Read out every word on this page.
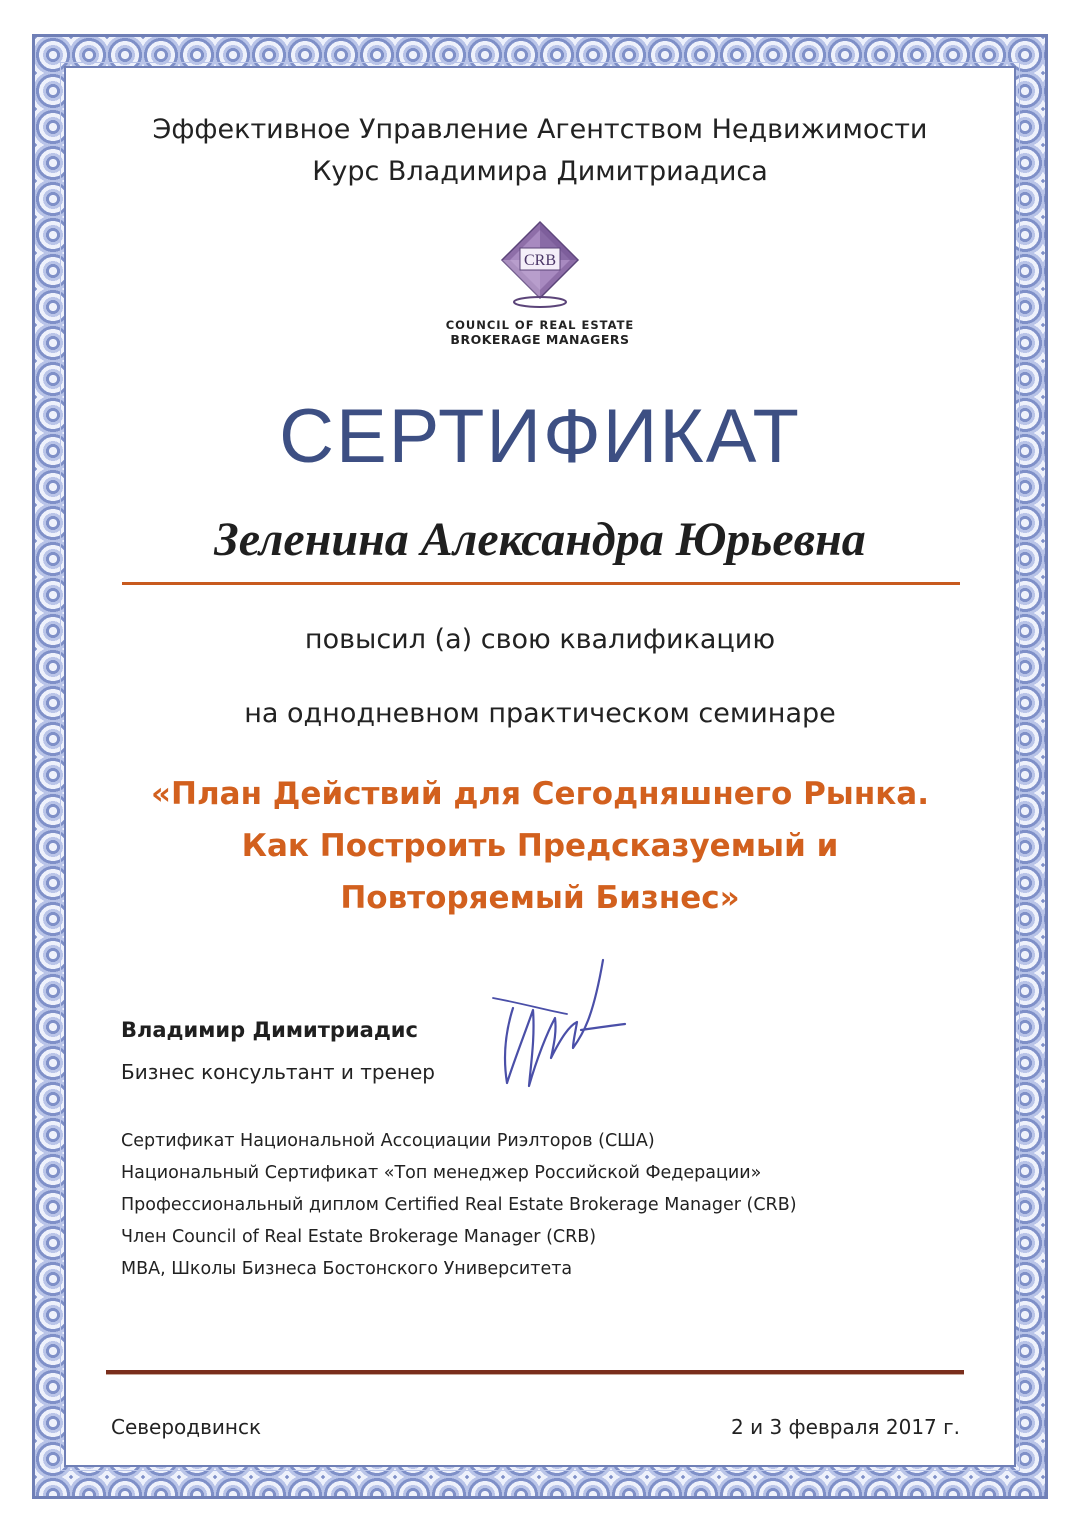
Эффективное Управление Агентством Недвижимости
Курс Владимира Димитриадиса
CRB
COUNCIL OF REAL ESTATE
BROKERAGE MANAGERS
СЕРТИФИКАТ
Зеленина Александра Юрьевна
повысил (а) свою квалификацию
на однодневном практическом семинаре
«План Действий для Сегодняшнего Рынка.
Как Построить Предсказуемый и
Повторяемый Бизнес»
Владимир Димитриадис
Бизнес консультант и тренер
Сертификат Национальной Ассоциации Риэлторов (США)
Национальный Сертификат «Топ менеджер Российской Федерации»
Профессиональный диплом Certified Real Estate Brokerage Manager (CRB)
Член Council of Real Estate Brokerage Manager (CRB)
MBA, Школы Бизнеса Бостонского Университета
Северодвинск	2 и 3 февраля 2017 г.
